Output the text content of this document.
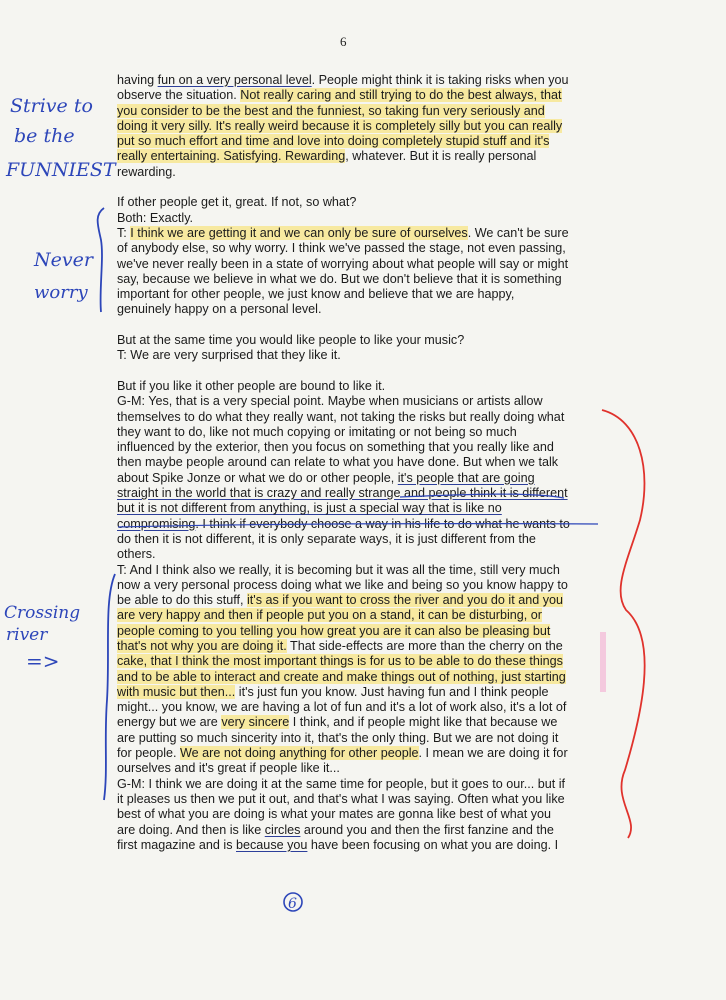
6

having fun on a very personal level. People might think it is taking risks when you

observe the situation. Not really caring and still trying to do the best always, that

you consider to be the best and the funniest, so taking fun very seriously and

doing it very silly. It's really weird because it is completely silly but you can really

put so much effort and time and love into doing completely stupid stuff and it's

really entertaining. Satisfying. Rewarding, whatever. But it is really personal

rewarding.

If other people get it, great. If not, so what?

Both: Exactly.

T: I think we are getting it and we can only be sure of ourselves. We can't be sure

of anybody else, so why worry. I think we've passed the stage, not even passing,

we've never really been in a state of worrying about what people will say or might

say, because we believe in what we do. But we don't believe that it is something

important for other people, we just know and believe that we are happy,

genuinely happy on a personal level.

But at the same time you would like people to like your music?

T: We are very surprised that they like it.

But if you like it other people are bound to like it.

G-M: Yes, that is a very special point. Maybe when musicians or artists allow

themselves to do what they really want, not taking the risks but really doing what

they want to do, like not much copying or imitating or not being so much

influenced by the exterior, then you focus on something that you really like and

then maybe people around can relate to what you have done. But when we talk

about Spike Jonze or what we do or other people, it's people that are going

straight in the world that is crazy and really strange and people think it is different

but it is not different from anything, is just a special way that is like no

compromising. I think if everybody choose a way in his life to do what he wants to

do then it is not different, it is only separate ways, it is just different from the

others.

T: And I think also we really, it is becoming but it was all the time, still very much

now a very personal process doing what we like and being so you know happy to

be able to do this stuff, it's as if you want to cross the river and you do it and you

are very happy and then if people put you on a stand, it can be disturbing, or

people coming to you telling you how great you are it can also be pleasing but

that's not why you are doing it. That side-effects are more than the cherry on the

cake, that I think the most important things is for us to be able to do these things

and to be able to interact and create and make things out of nothing, just starting

with music but then... it's just fun you know. Just having fun and I think people

might... you know, we are having a lot of fun and it's a lot of work also, it's a lot of

energy but we are very sincere I think, and if people might like that because we

are putting so much sincerity into it, that's the only thing. But we are not doing it

for people. We are not doing anything for other people. I mean we are doing it for

ourselves and it's great if people like it...

G-M: I think we are doing it at the same time for people, but it goes to our... but if

it pleases us then we put it out, and that's what I was saying. Often what you like

best of what you are doing is what your mates are gonna like best of what you

are doing. And then is like circles around you and then the first fanzine and the

first magazine and is because you have been focusing on what you are doing. I

Strive to
be the
FUNNIEST
Never
worry
Crossing
river
=>
6
